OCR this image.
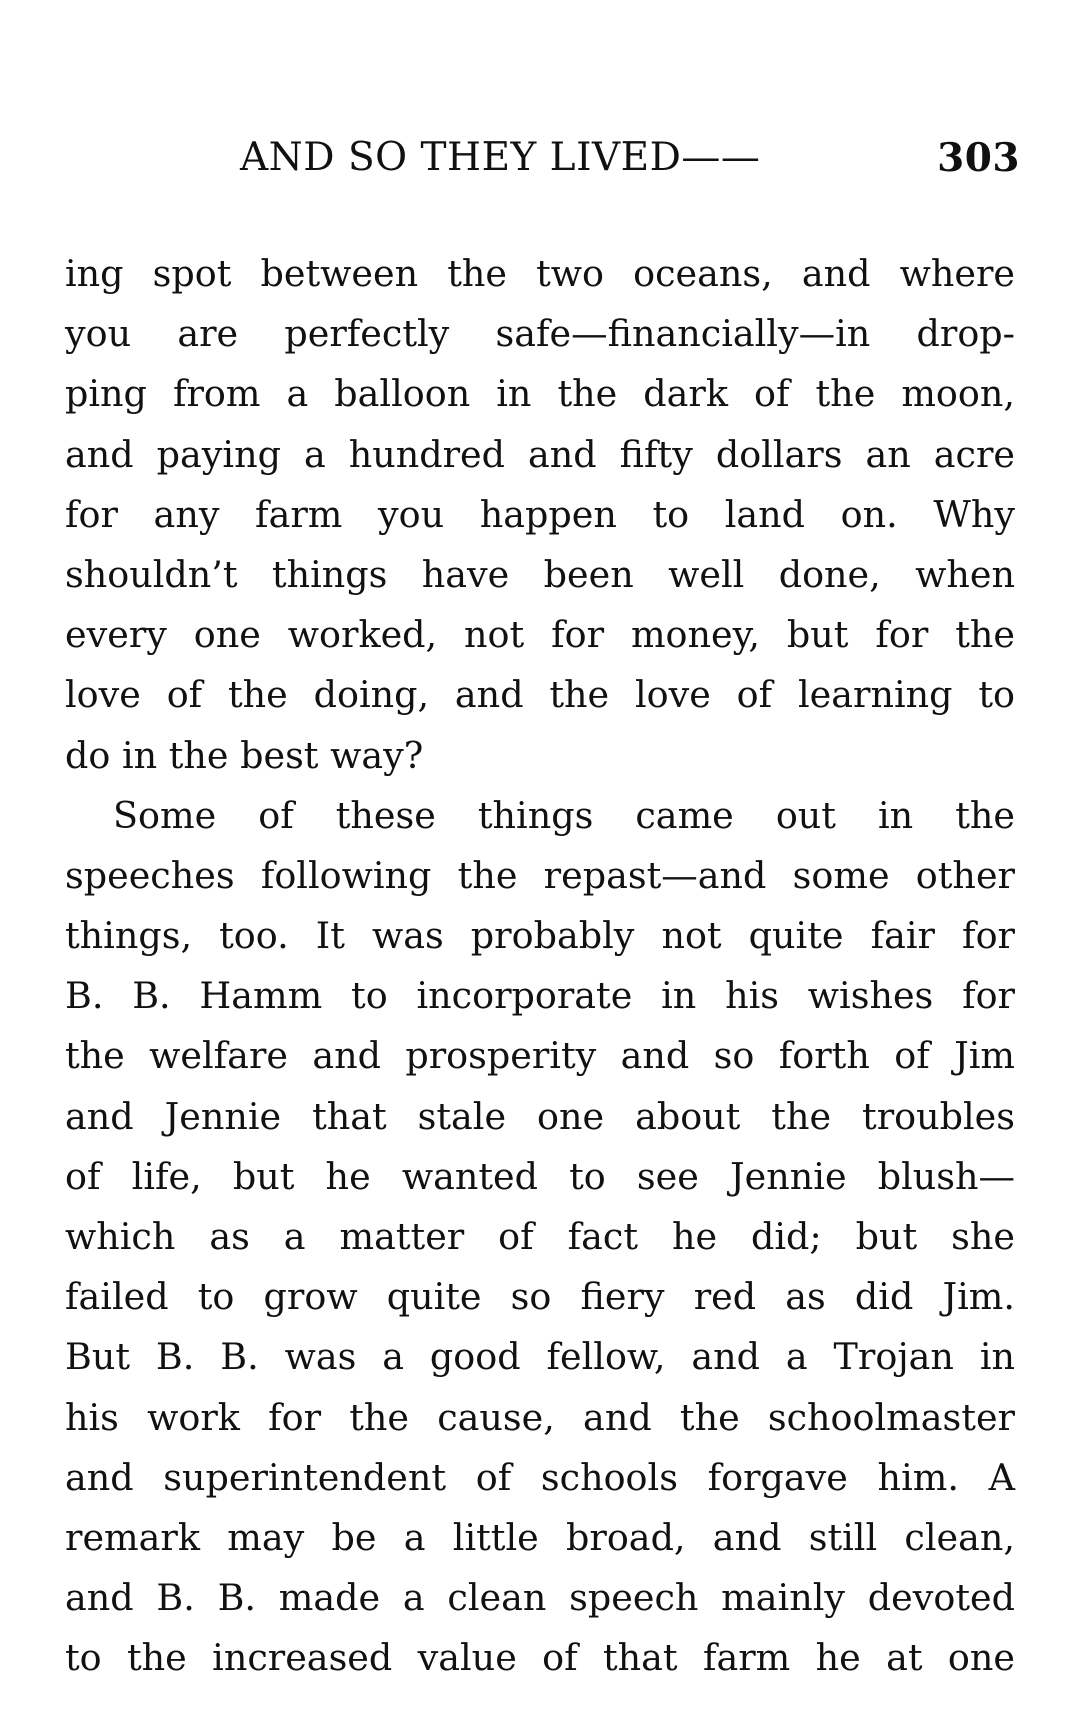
AND SO THEY LIVED——	303
ing spot between the two oceans, and where
you are perfectly safe—financially—in drop-
ping from a balloon in the dark of the moon,
and paying a hundred and fifty dollars an acre
for any farm you happen to land on. Why
shouldn’t things have been well done, when
every one worked, not for money, but for the
love of the doing, and the love of learning to
do in the best way?
Some of these things came out in the
speeches following the repast—and some other
things, too. It was probably not quite fair for
B. B. Hamm to incorporate in his wishes for
the welfare and prosperity and so forth of Jim
and Jennie that stale one about the troubles
of life, but he wanted to see Jennie blush—
which as a matter of fact he did; but she
failed to grow quite so fiery red as did Jim.
But B. B. was a good fellow, and a Trojan in
his work for the cause, and the schoolmaster
and superintendent of schools forgave him. A
remark may be a little broad, and still clean,
and B. B. made a clean speech mainly devoted
to the increased value of that farm he at one
